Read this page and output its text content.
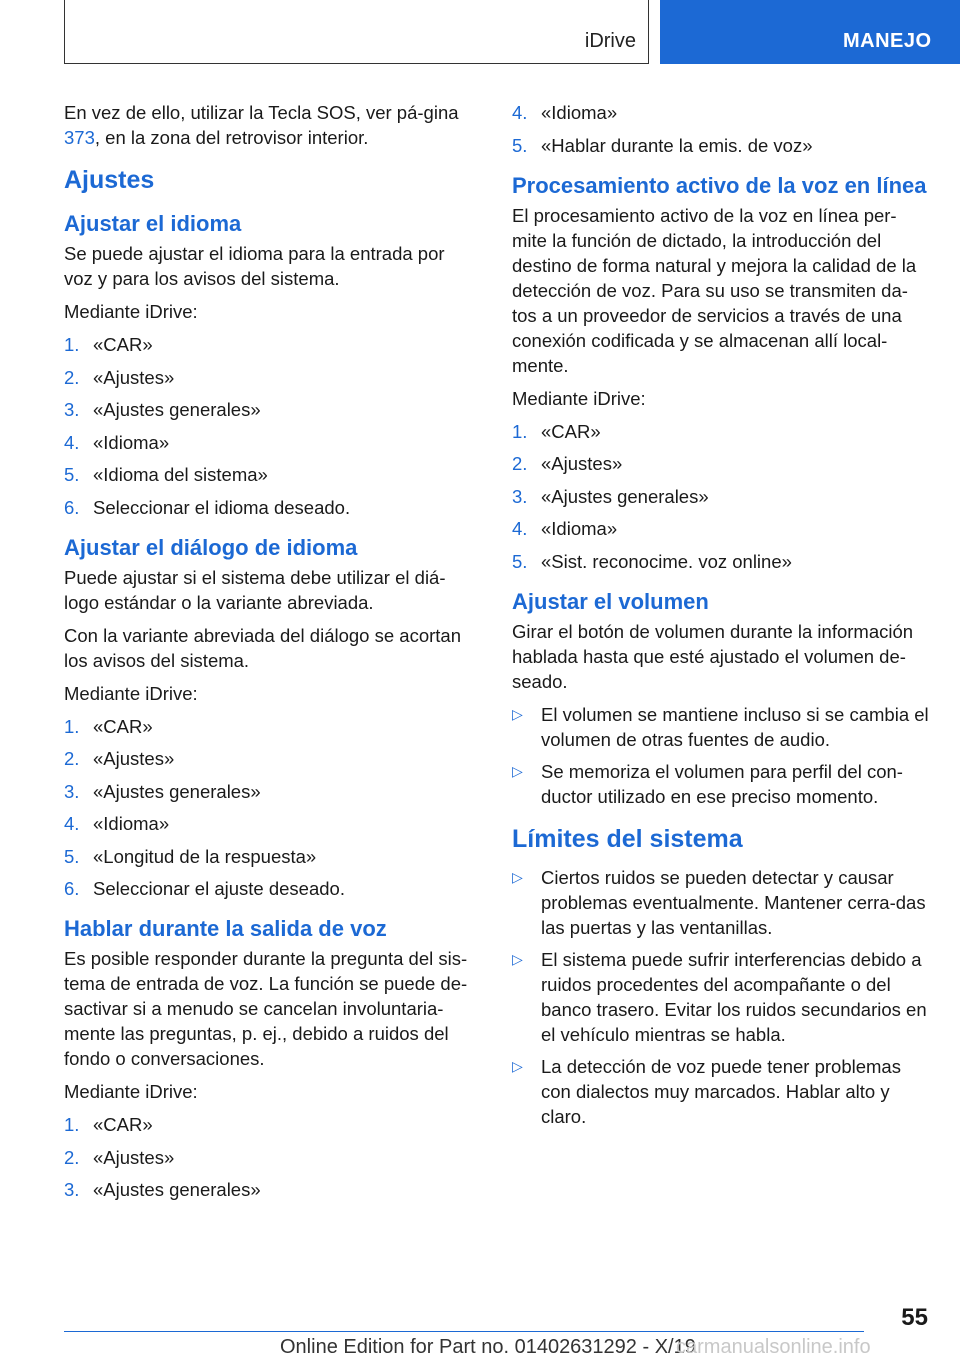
iDrive	MANEJO

En vez de ello, utilizar la Tecla SOS, ver pá-gina 373, en la zona del retrovisor interior.

Ajustes
Ajustar el idioma

Se puede ajustar el idioma para la entrada por voz y para los avisos del sistema.

Mediante iDrive:

1. «CAR»
2. «Ajustes»
3. «Ajustes generales»
4. «Idioma»
5. «Idioma del sistema»
6. Seleccionar el idioma deseado.
Ajustar el diálogo de idioma

Puede ajustar si el sistema debe utilizar el diá-logo estándar o la variante abreviada.

Con la variante abreviada del diálogo se acortan los avisos del sistema.

Mediante iDrive:

1. «CAR»
2. «Ajustes»
3. «Ajustes generales»
4. «Idioma»
5. «Longitud de la respuesta»
6. Seleccionar el ajuste deseado.
Hablar durante la salida de voz

Es posible responder durante la pregunta del sis-tema de entrada de voz. La función se puede de-sactivar si a menudo se cancelan involuntaria-mente las preguntas, p. ej., debido a ruidos del fondo o conversaciones.

Mediante iDrive:

1. «CAR»
2. «Ajustes»
3. «Ajustes generales»
4. «Idioma»
5. «Hablar durante la emis. de voz»
Procesamiento activo de la voz en línea

El procesamiento activo de la voz en línea per-mite la función de dictado, la introducción del destino de forma natural y mejora la calidad de la detección de voz. Para su uso se transmiten da-tos a un proveedor de servicios a través de una conexión codificada y se almacenan allí local-mente.

Mediante iDrive:

1. «CAR»
2. «Ajustes»
3. «Ajustes generales»
4. «Idioma»
5. «Sist. reconocime. voz online»
Ajustar el volumen

Girar el botón de volumen durante la información hablada hasta que esté ajustado el volumen de-seado.

▷ El volumen se mantiene incluso si se cambia el volumen de otras fuentes de audio.
▷ Se memoriza el volumen para perfil del con-ductor utilizado en ese preciso momento.
Límites del sistema
▷ Ciertos ruidos se pueden detectar y causar problemas eventualmente. Mantener cerra-das las puertas y las ventanillas.
▷ El sistema puede sufrir interferencias debido a ruidos procedentes del acompañante o del banco trasero. Evitar los ruidos secundarios en el vehículo mientras se habla.
▷ La detección de voz puede tener problemas con dialectos muy marcados. Hablar alto y claro.
55
Online Edition for Part no. 01402631292 - X/19
carmanualsonline.info
